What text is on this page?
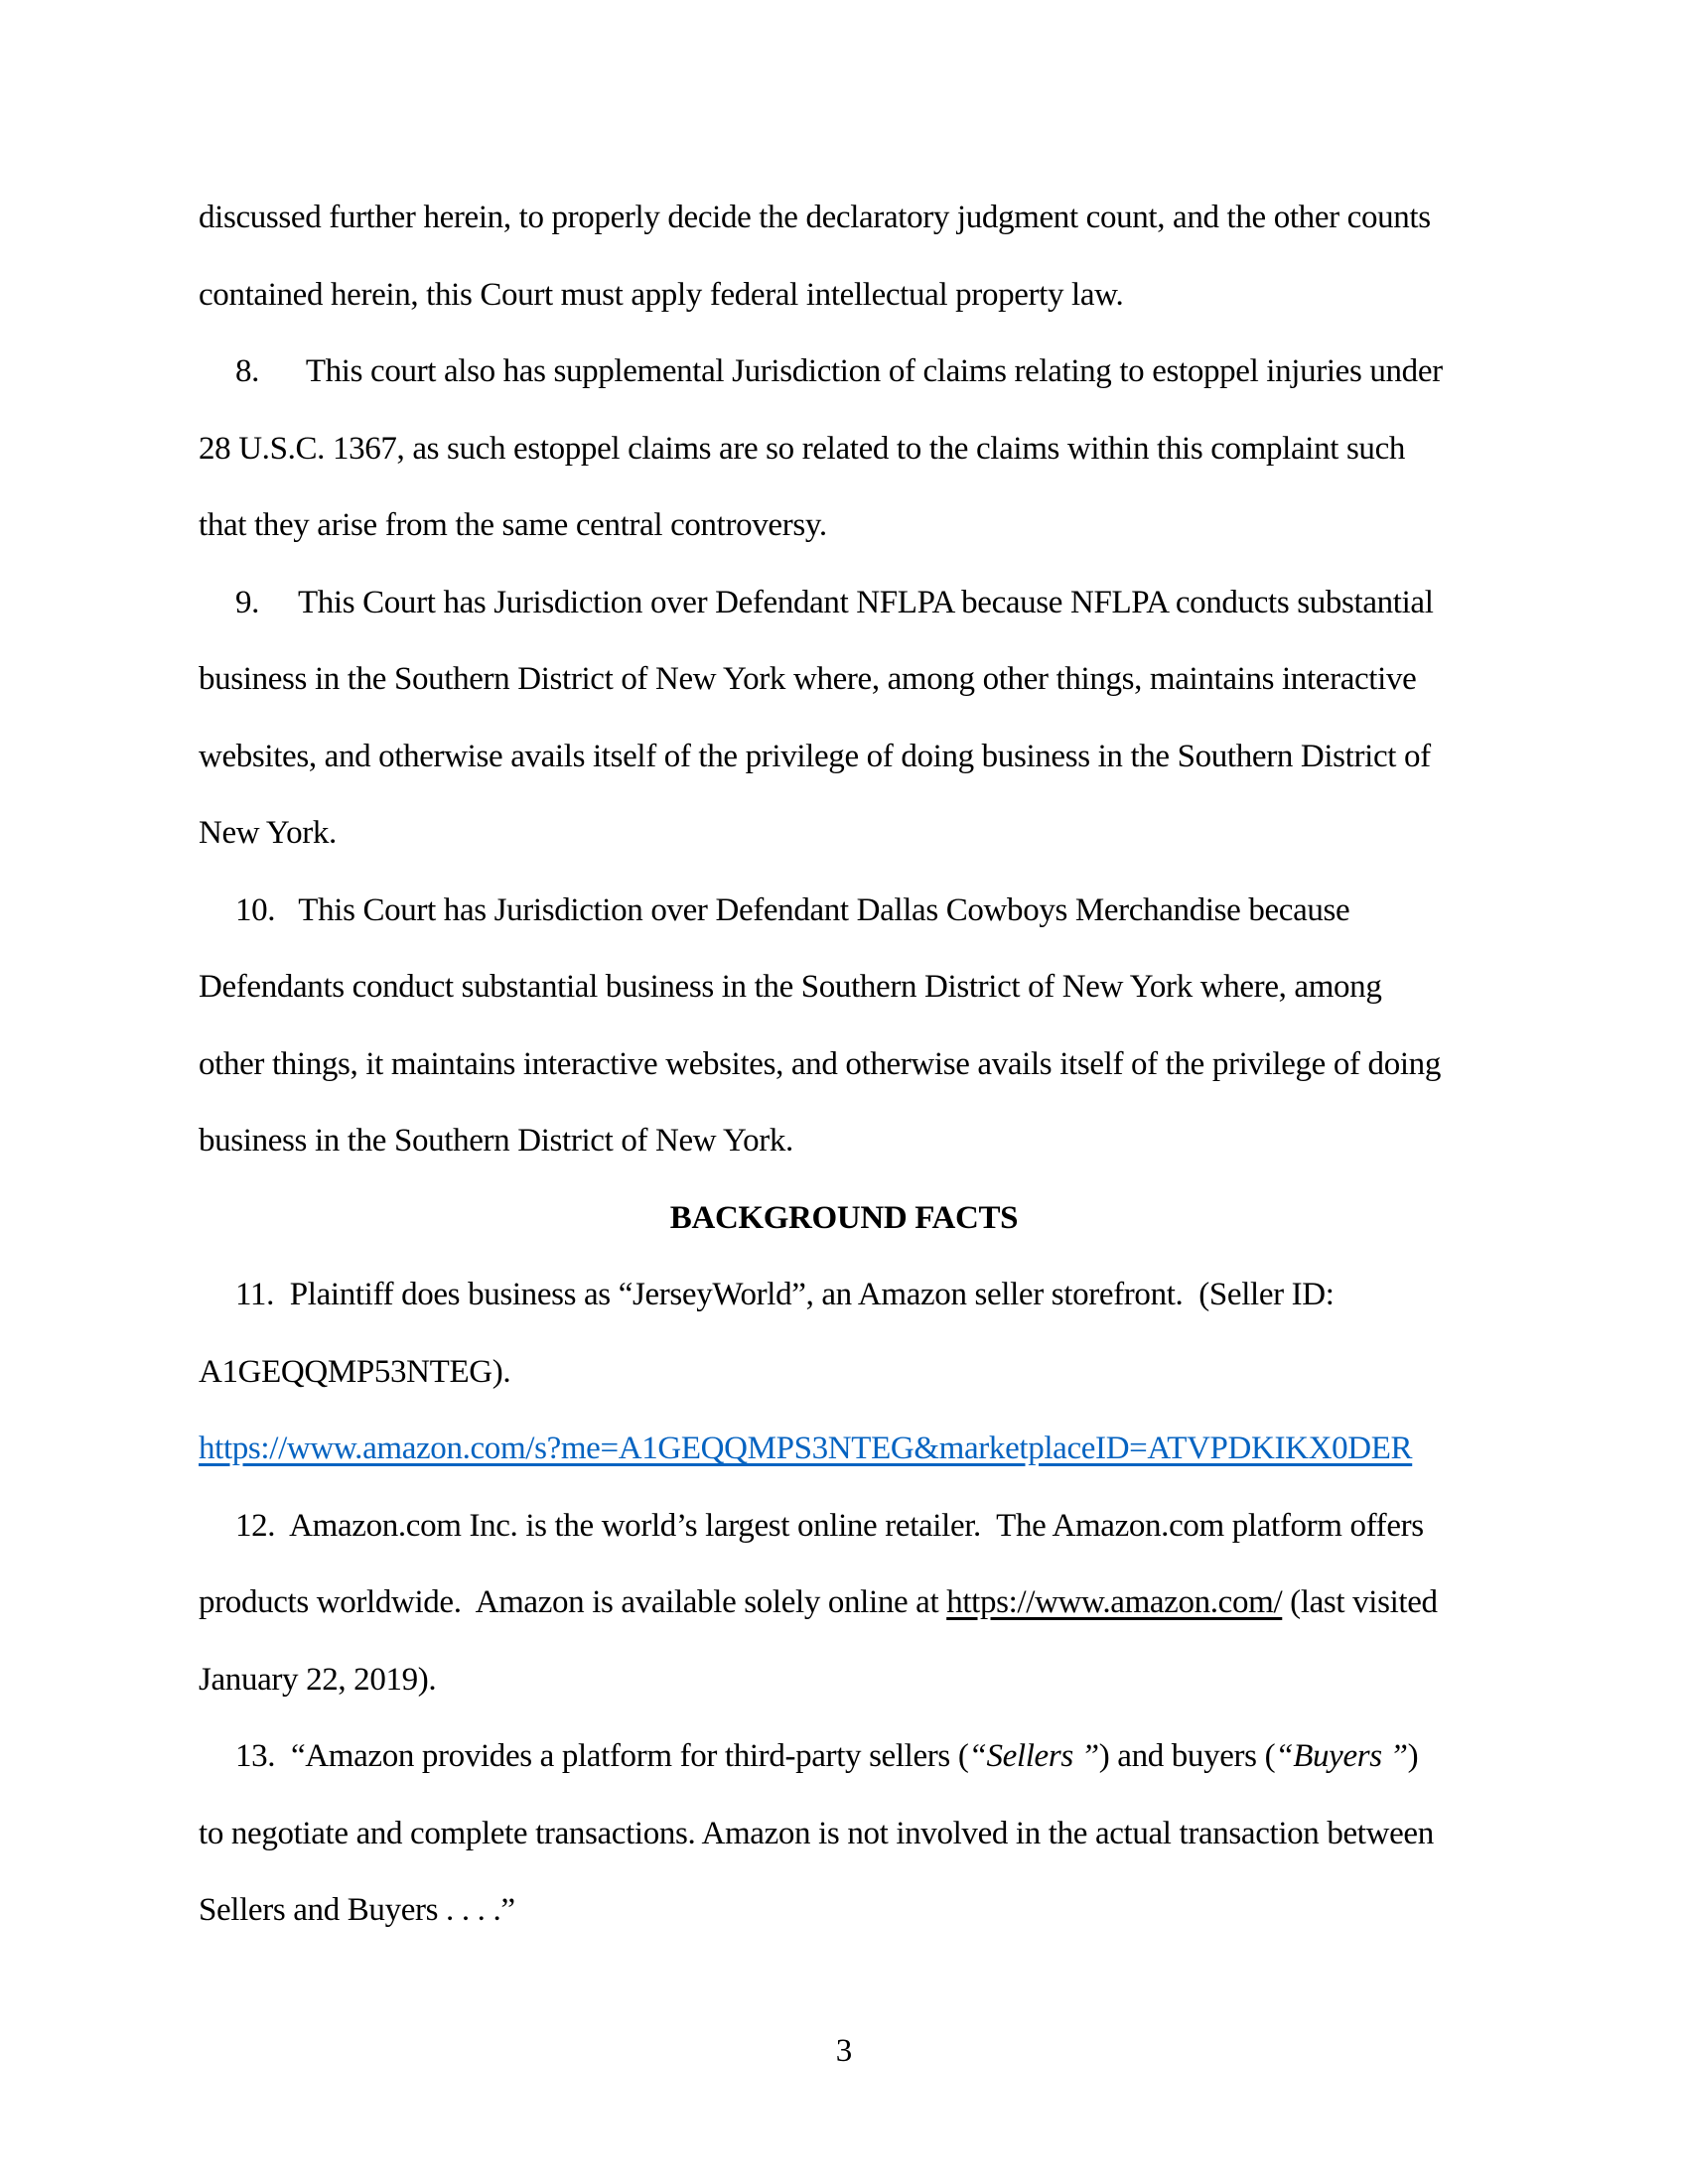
discussed further herein, to properly decide the declaratory judgment count, and the other counts
contained herein, this Court must apply federal intellectual property law.
8.      This court also has supplemental Jurisdiction of claims relating to estoppel injuries under
28 U.S.C. 1367, as such estoppel claims are so related to the claims within this complaint such
that they arise from the same central controversy.
9.     This Court has Jurisdiction over Defendant NFLPA because NFLPA conducts substantial
business in the Southern District of New York where, among other things, maintains interactive
websites, and otherwise avails itself of the privilege of doing business in the Southern District of
New York.
10.   This Court has Jurisdiction over Defendant Dallas Cowboys Merchandise because
Defendants conduct substantial business in the Southern District of New York where, among
other things, it maintains interactive websites, and otherwise avails itself of the privilege of doing
business in the Southern District of New York.
BACKGROUND FACTS
11.  Plaintiff does business as “JerseyWorld”, an Amazon seller storefront.  (Seller ID:
A1GEQQMP53NTEG).
https://www.amazon.com/s?me=A1GEQQMPS3NTEG&marketplaceID=ATVPDKIKX0DER
12.  Amazon.com Inc. is the world’s largest online retailer.  The Amazon.com platform offers
products worldwide.  Amazon is available solely online at https://www.amazon.com/ (last visited
January 22, 2019).
13.  “Amazon provides a platform for third-party sellers (“Sellers ”) and buyers (“Buyers ”)
to negotiate and complete transactions. Amazon is not involved in the actual transaction between
Sellers and Buyers . . . .”
3
